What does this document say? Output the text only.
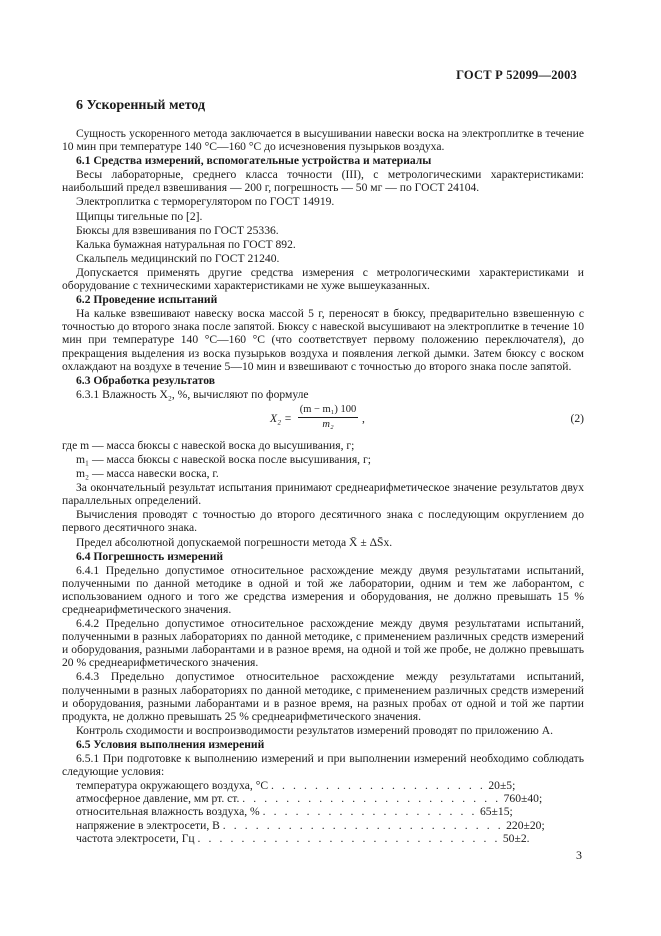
ГОСТ Р 52099—2003
6 Ускоренный метод

Сущность ускоренного метода заключается в высушивании навески воска на электроплитке в течение 10 мин при температуре 140 °С—160 °С до исчезновения пузырьков воздуха.

6.1 Средства измерений, вспомогательные устройства и материалы

Весы лабораторные, среднего класса точности (III), с метрологическими характеристиками: наибольший предел взвешивания — 200 г, погрешность — 50 мг — по ГОСТ 24104.

Электроплитка с терморегулятором по ГОСТ 14919.

Щипцы тигельные по [2].

Бюксы для взвешивания по ГОСТ 25336.

Калька бумажная натуральная по ГОСТ 892.

Скальпель медицинский по ГОСТ 21240.

Допускается применять другие средства измерения с метрологическими характеристиками и оборудование с техническими характеристиками не хуже вышеуказанных.

6.2 Проведение испытаний

На кальке взвешивают навеску воска массой 5 г, переносят в бюксу, предварительно взвешенную с точностью до второго знака после запятой. Бюксу с навеской высушивают на электроплитке в течение 10 мин при температуре 140 °С—160 °С (что соответствует первому положению переключателя), до прекращения выделения из воска пузырьков воздуха и появления легкой дымки. Затем бюксу с воском охлаждают на воздухе в течение 5—10 мин и взвешивают с точностью до второго знака после запятой.

6.3 Обработка результатов

6.3.1 Влажность X₂, %, вычисляют по формуле

X₂ =
(m − m₁) 100
m₂	,	(2)

где m — масса бюксы с навеской воска до высушивания, г;

m₁ — масса бюксы с навеской воска после высушивания, г;

m₂ — масса навески воска, г.

За окончательный результат испытания принимают среднеарифметическое значение результатов двух параллельных определений.

Вычисления проводят с точностью до второго десятичного знака с последующим округлением до первого десятичного знака.

Предел абсолютной допускаемой погрешности метода X̄ ± ΔS̄x.

6.4 Погрешность измерений

6.4.1 Предельно допустимое относительное расхождение между двумя результатами испытаний, полученными по данной методике в одной и той же лаборатории, одним и тем же лаборантом, с использованием одного и того же средства измерения и оборудования, не должно превышать 15 % среднеарифметического значения.

6.4.2 Предельно допустимое относительное расхождение между двумя результатами испытаний, полученными в разных лабораториях по данной методике, с применением различных средств измерений и оборудования, разными лаборантами и в разное время, на одной и той же пробе, не должно превышать 20 % среднеарифметического значения.

6.4.3 Предельно допустимое относительное расхождение между результатами испытаний, полученными в разных лабораториях по данной методике, с применением различных средств измерений и оборудования, разными лаборантами и в разное время, на разных пробах от одной и той же партии продукта, не должно превышать 25 % среднеарифметического значения.

Контроль сходимости и воспроизводимости результатов измерений проводят по приложению А.

6.5 Условия выполнения измерений

6.5.1 При подготовке к выполнению измерений и при выполнении измерений необходимо соблюдать следующие условия:

температура окружающего воздуха, °С
. . . . . . . . . . . . . . . . . . . .
20±5;
атмосферное давление, мм рт. ст.
. . . . . . . . . . . . . . . . . . . . . . . .
760±40;
относительная влажность воздуха, %
. . . . . . . . . . . . . . . . . . . .
65±15;
напряжение в электросети, В
. . . . . . . . . . . . . . . . . . . . . . . . . .
220±20;
частота электросети, Гц
. . . . . . . . . . . . . . . . . . . . . . . . . . . .
50±2.
3
